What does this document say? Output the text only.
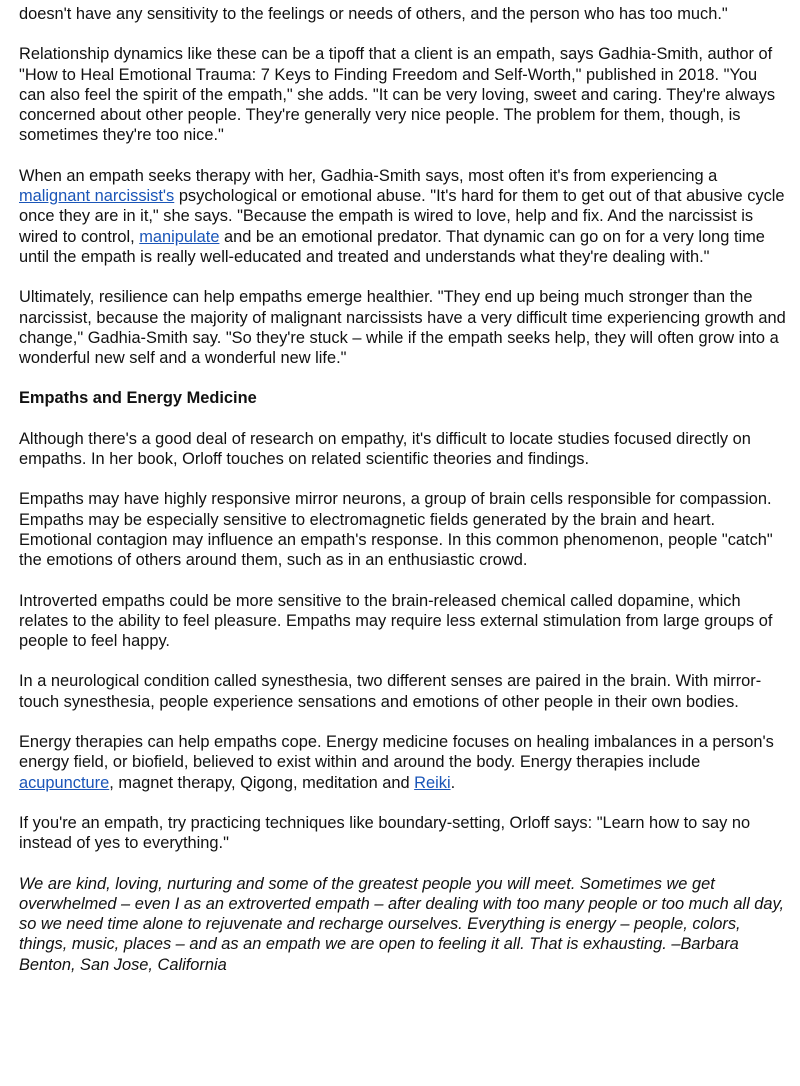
doesn't have any sensitivity to the feelings or needs of others, and the person who has too much."

Relationship dynamics like these can be a tipoff that a client is an empath, says Gadhia-Smith, author of "How to Heal Emotional Trauma: 7 Keys to Finding Freedom and Self-Worth," published in 2018. "You can also feel the spirit of the empath," she adds. "It can be very loving, sweet and caring. They're always concerned about other people. They're generally very nice people. The problem for them, though, is sometimes they're too nice."

When an empath seeks therapy with her, Gadhia-Smith says, most often it's from experiencing a malignant narcissist's psychological or emotional abuse. "It's hard for them to get out of that abusive cycle once they are in it," she says. "Because the empath is wired to love, help and fix. And the narcissist is wired to control, manipulate and be an emotional predator. That dynamic can go on for a very long time until the empath is really well-educated and treated and understands what they're dealing with."

Ultimately, resilience can help empaths emerge healthier. "They end up being much stronger than the narcissist, because the majority of malignant narcissists have a very difficult time experiencing growth and change," Gadhia-Smith say. "So they're stuck – while if the empath seeks help, they will often grow into a wonderful new self and a wonderful new life."

Empaths and Energy Medicine

Although there's a good deal of research on empathy, it's difficult to locate studies focused directly on empaths. In her book, Orloff touches on related scientific theories and findings.

Empaths may have highly responsive mirror neurons, a group of brain cells responsible for compassion. Empaths may be especially sensitive to electromagnetic fields generated by the brain and heart. Emotional contagion may influence an empath's response. In this common phenomenon, people "catch" the emotions of others around them, such as in an enthusiastic crowd.

Introverted empaths could be more sensitive to the brain-released chemical called dopamine, which relates to the ability to feel pleasure. Empaths may require less external stimulation from large groups of people to feel happy.

In a neurological condition called synesthesia, two different senses are paired in the brain. With mirror-touch synesthesia, people experience sensations and emotions of other people in their own bodies.

Energy therapies can help empaths cope. Energy medicine focuses on healing imbalances in a person's energy field, or biofield, believed to exist within and around the body. Energy therapies include acupuncture, magnet therapy, Qigong, meditation and Reiki.

If you're an empath, try practicing techniques like boundary-setting, Orloff says: "Learn how to say no instead of yes to everything."

We are kind, loving, nurturing and some of the greatest people you will meet. Sometimes we get overwhelmed – even I as an extroverted empath – after dealing with too many people or too much all day, so we need time alone to rejuvenate and recharge ourselves. Everything is energy – people, colors, things, music, places – and as an empath we are open to feeling it all. That is exhausting. –Barbara Benton, San Jose, California
